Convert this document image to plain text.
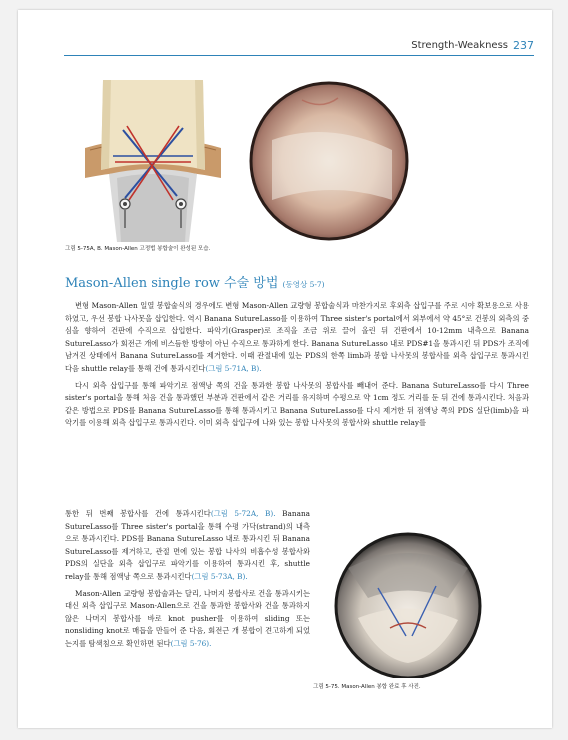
Strength-Weakness 237
그림 5-75A, B. Mason-Allen 고정법 봉합술이 완성된 모습.
Mason-Allen single row 수술 방법 (동영상 5-7)

변형 Mason-Allen 일열 봉합술식의 경우에도 변형 Mason-Allen 교량형 봉합술식과 마찬가지로 후외측 삽입구를 주로 시야 확보용으로 사용하였고, 우선 봉합 나사못을 삽입한다. 역시 Banana SutureLasso를 이용하여 Three sister's portal에서 외부에서 약 45°로 건봉의 외측의 중심을 향하여 건판에 수직으로 삽입한다. 파악기(Grasper)로 조직을 조금 위로 끌어 올린 뒤 건판에서 10-12mm 내측으로 Banana SutureLasso가 회전근 개에 비스듬한 방향이 아닌 수직으로 통과하게 한다. Banana SutureLasso 내로 PDS#1을 통과시킨 뒤 PDS가 조직에 남겨진 상태에서 Banana SutureLasso를 제거한다. 이때 관절내에 있는 PDS의 한쪽 limb과 봉합 나사못의 봉합사를 외측 삽입구로 통과시킨 다음 shuttle relay를 통해 건에 통과시킨다(그림 5-71A, B).

다시 외측 삽입구를 통해 파악기로 점액낭 쪽의 건을 통과한 봉합 나사못의 봉합사를 빼내어 준다. Banana SutureLasso를 다시 Three sister's portal을 통해 처음 건을 통과했던 부분과 건판에서 같은 거리를 유지하며 수평으로 약 1cm 정도 거리를 둔 뒤 건에 통과시킨다. 처음과 같은 방법으로 PDS를 Banana SutureLasso를 통해 통과시키고 Banana SutureLasso를 다시 제거한 뒤 점액낭 쪽의 PDS 실단(limb)을 파악기를 이용해 외측 삽입구로 통과시킨다. 이미 외측 삽입구에 나와 있는 봉합 나사못의 봉합사와 shuttle relay를

통한 뒤 번째 봉합사를 건에 통과시킨다(그림 5-72A, B). Banana SutureLasso를 Three sister's portal을 통해 수평 가닥(strand)의 내측으로 통과시킨다. PDS를 Banana SutureLasso 내로 통과시킨 뒤 Banana SutureLasso를 제거하고, 관절 면에 있는 봉합 나사의 비흡수성 봉합사와 PDS의 실단을 외측 삽입구로 파악기를 이용하여 통과시킨 후, shuttle relay를 통해 점액낭 쪽으로 통과시킨다(그림 5-73A, B).

Mason-Allen 교량형 봉합술과는 달리, 나머지 봉합사로 건을 통과시키는 대신 외측 삽입구로 Mason-Allen으로 건을 통과한 봉합사와 건을 통과하지 않은 나머지 봉합사를 바로 knot pusher를 이용하여 sliding 또는 nonsliding knot로 매듭을 만들어 준 다음, 회전근 개 봉합이 견고하게 되었는지를 탐색침으로 확인하면 된다(그림 5-76).

그림 5-75. Mason-Allen 봉합 완료 후 사진.
